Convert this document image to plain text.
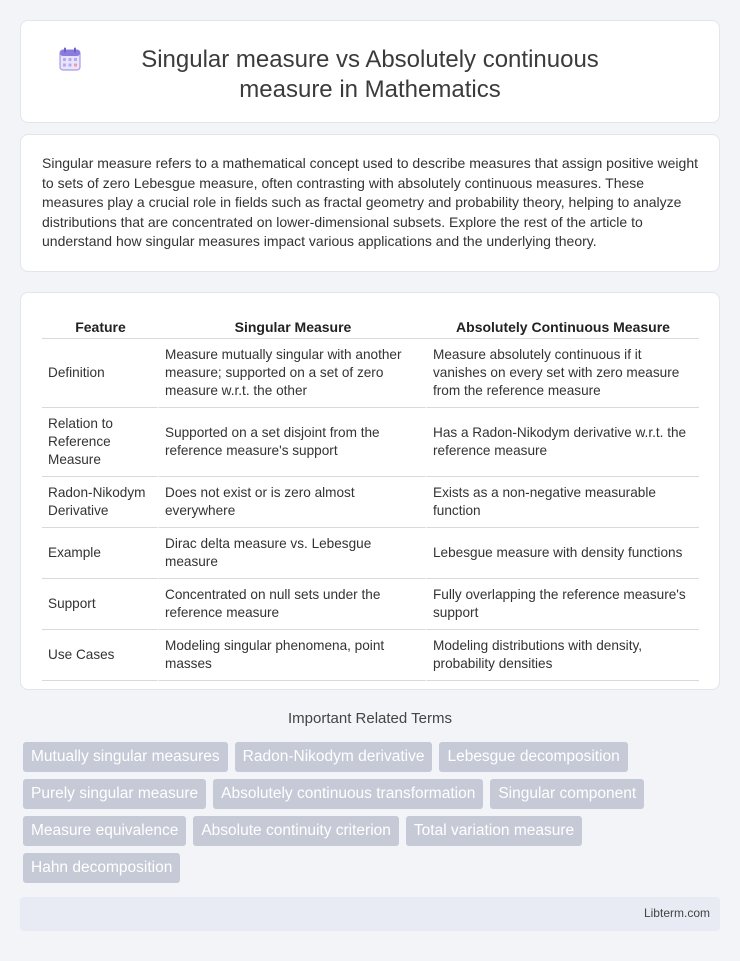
Singular measure vs Absolutely continuous measure in Mathematics

Singular measure refers to a mathematical concept used to describe measures that assign positive weight to sets of zero Lebesgue measure, often contrasting with absolutely continuous measures. These measures play a crucial role in fields such as fractal geometry and probability theory, helping to analyze distributions that are concentrated on lower-dimensional subsets. Explore the rest of the article to understand how singular measures impact various applications and the underlying theory.

Feature	Singular Measure	Absolutely Continuous Measure
Definition	Measure mutually singular with another measure; supported on a set of zero measure w.r.t. the other	Measure absolutely continuous if it vanishes on every set with zero measure from the reference measure
Relation to Reference Measure	Supported on a set disjoint from the reference measure's support	Has a Radon-Nikodym derivative w.r.t. the reference measure
Radon-Nikodym Derivative	Does not exist or is zero almost everywhere	Exists as a non-negative measurable function
Example	Dirac delta measure vs. Lebesgue measure	Lebesgue measure with density functions
Support	Concentrated on null sets under the reference measure	Fully overlapping the reference measure's support
Use Cases	Modeling singular phenomena, point masses	Modeling distributions with density, probability densities
Important Related Terms
Mutually singular measures	Radon-Nikodym derivative	Lebesgue decomposition
Purely singular measure	Absolutely continuous transformation	Singular component
Measure equivalence	Absolute continuity criterion	Total variation measure
Hahn decomposition
Libterm.com
